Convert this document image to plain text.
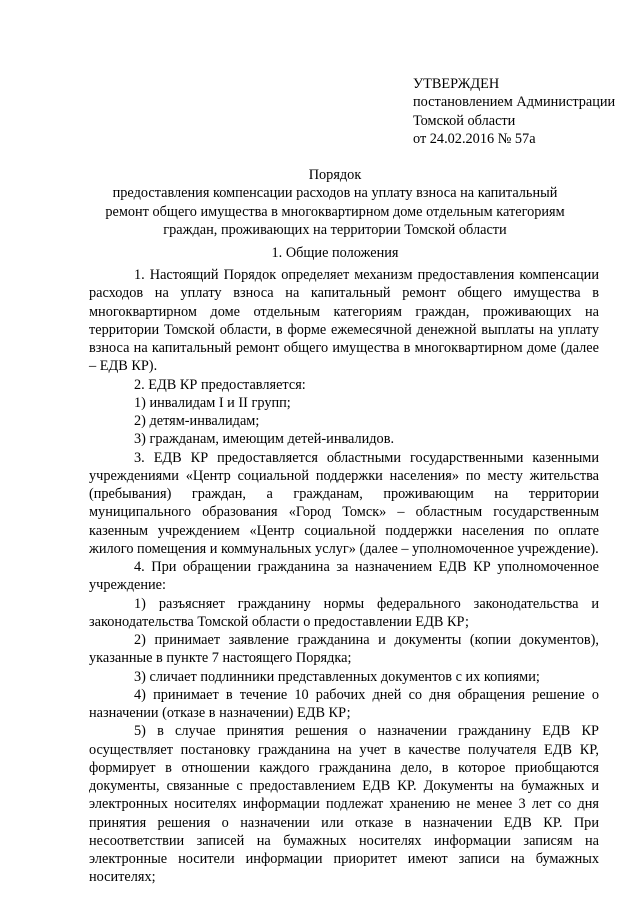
УТВЕРЖДЕН
постановлением Администрации
Томской области
от 24.02.2016 № 57а
Порядок
предоставления компенсации расходов на уплату взноса на капитальный
ремонт общего имущества в многоквартирном доме отдельным категориям
граждан, проживающих на территории Томской области
1. Общие положения
1. Настоящий Порядок определяет механизм предоставления компенсации расходов на уплату взноса на капитальный ремонт общего имущества в многоквартирном доме отдельным категориям граждан, проживающих на территории Томской области, в форме ежемесячной денежной выплаты на уплату взноса на капитальный ремонт общего имущества в многоквартирном доме (далее – ЕДВ КР).
2. ЕДВ КР предоставляется:
1) инвалидам I и II групп;
2) детям-инвалидам;
3) гражданам, имеющим детей-инвалидов.
3. ЕДВ КР предоставляется областными государственными казенными учреждениями «Центр социальной поддержки населения» по месту жительства (пребывания) граждан, а гражданам, проживающим на территории муниципального образования «Город Томск» – областным государственным казенным учреждением «Центр социальной поддержки населения по оплате жилого помещения и коммунальных услуг» (далее – уполномоченное учреждение).
4. При обращении гражданина за назначением ЕДВ КР уполномоченное учреждение:
1) разъясняет гражданину нормы федерального законодательства и законодательства Томской области о предоставлении ЕДВ КР;
2) принимает заявление гражданина и документы (копии документов), указанные в пункте 7 настоящего Порядка;
3) сличает подлинники представленных документов с их копиями;
4) принимает в течение 10 рабочих дней со дня обращения решение о назначении (отказе в назначении) ЕДВ КР;
5) в случае принятия решения о назначении гражданину ЕДВ КР осуществляет постановку гражданина на учет в качестве получателя ЕДВ КР, формирует в отношении каждого гражданина дело, в которое приобщаются документы, связанные с предоставлением ЕДВ КР. Документы на бумажных и электронных носителях информации подлежат хранению не менее 3 лет со дня принятия решения о назначении или отказе в назначении ЕДВ КР. При несоответствии записей на бумажных носителях информации записям на электронные носители информации приоритет имеют записи на бумажных носителях;
